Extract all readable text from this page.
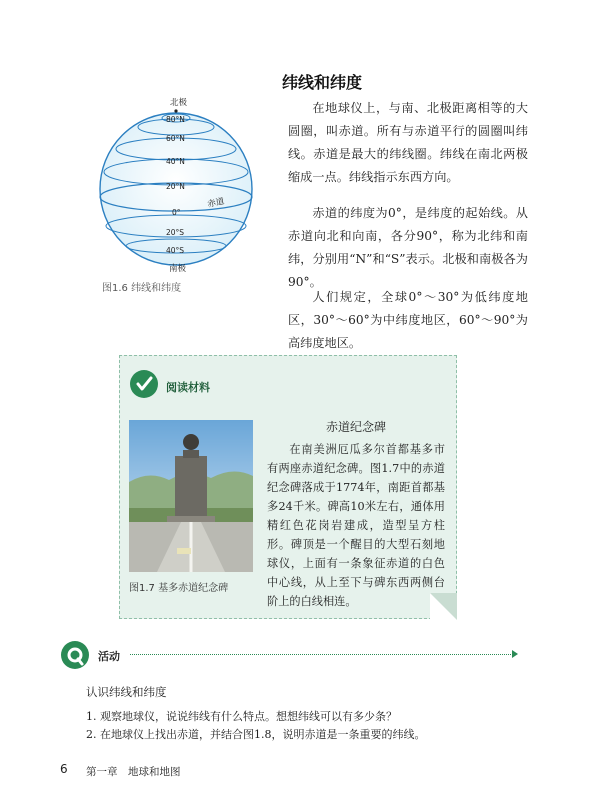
北极
80°N
60°N
40°N
20°N
0°
赤道
20°S
40°S
南极
图1.6 纬线和纬度
纬线和纬度
在地球仪上，与南、北极距离相等的大圆圈，叫赤道。所有与赤道平行的圆圈叫纬线。赤道是最大的纬线圈。纬线在南北两极缩成一点。纬线指示东西方向。
赤道的纬度为0°，是纬度的起始线。从赤道向北和向南，各分90°，称为北纬和南纬，分别用“N”和“S”表示。北极和南极各为90°。
人们规定，全球0°～30°为低纬度地区，30°～60°为中纬度地区，60°～90°为高纬度地区。
阅读材料
图1.7 基多赤道纪念碑
赤道纪念碑
在南美洲厄瓜多尔首都基多市有两座赤道纪念碑。图1.7中的赤道纪念碑落成于1774年，南距首都基多24千米。碑高10米左右，通体用精红色花岗岩建成，造型呈方柱形。碑顶是一个醒目的大型石刻地球仪，上面有一条象征赤道的白色中心线，从上至下与碑东西两侧台阶上的白线相连。
活动
认识纬线和纬度
1. 观察地球仪，说说纬线有什么特点。想想纬线可以有多少条？
2. 在地球仪上找出赤道，并结合图1.8，说明赤道是一条重要的纬线。
6 第一章　地球和地图
